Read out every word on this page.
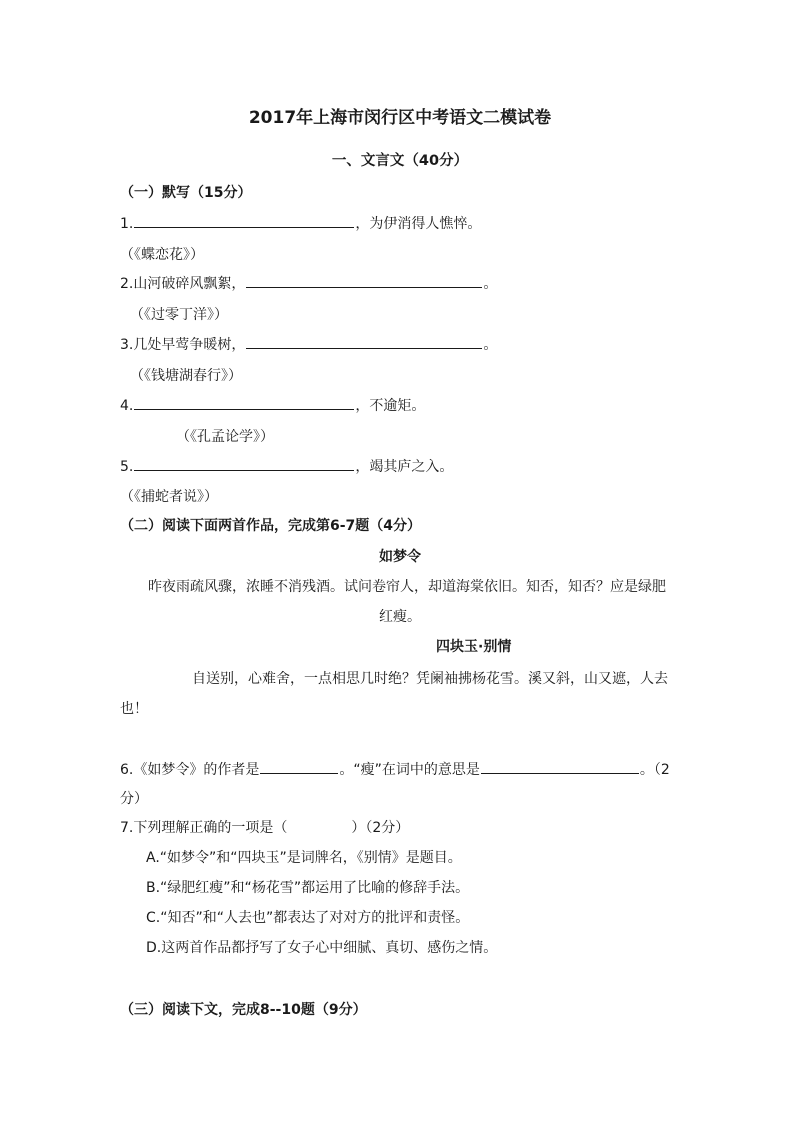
2017年上海市闵行区中考语文二模试卷
一、文言文（40分）
（一）默写（15分）
1.	，为伊消得人憔悴。
（《蝶恋花》）
2.山河破碎风飘絮，	。
（《过零丁洋》）
3.几处早莺争暖树，	。
（《钱塘湖春行》）
4.	，不逾矩。
（《孔孟论学》）
5.	，竭其庐之入。
（《捕蛇者说》）
（二）阅读下面两首作品，完成第6-7题（4分）
如梦令
昨夜雨疏风骤，浓睡不消残酒。试问卷帘人，却道海棠依旧。知否，知否？应是绿肥
红瘦。
四块玉·别情
自送别，心难舍，一点相思几时绝？凭阑袖拂杨花雪。溪又斜，山又遮，人去
也！
6.《如梦令》的作者是	。“瘦”在词中的意思是	。（2
分）
7.下列理解正确的一项是（	）（2分）
A.“如梦令”和“四块玉”是词牌名，《别情》是题目。
B.“绿肥红瘦”和“杨花雪”都运用了比喻的修辞手法。
C.“知否”和“人去也”都表达了对对方的批评和责怪。
D.这两首作品都抒写了女子心中细腻、真切、感伤之情。
（三）阅读下文，完成8--10题（9分）
